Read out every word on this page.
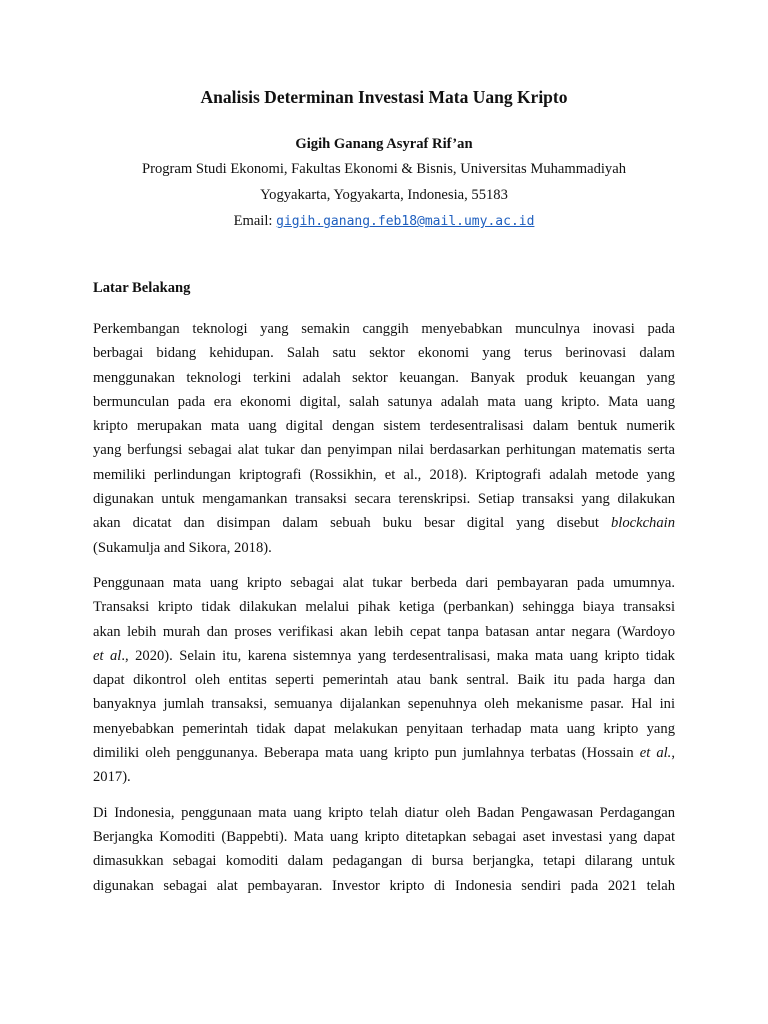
Analisis Determinan Investasi Mata Uang Kripto

Gigih Ganang Asyraf Rif’an

Program Studi Ekonomi, Fakultas Ekonomi & Bisnis, Universitas Muhammadiyah

Yogyakarta, Yogyakarta, Indonesia, 55183

Email: gigih.ganang.feb18@mail.umy.ac.id

Latar Belakang
Perkembangan teknologi yang semakin canggih menyebabkan munculnya inovasi pada
berbagai bidang kehidupan. Salah satu sektor ekonomi yang terus berinovasi dalam
menggunakan teknologi terkini adalah sektor keuangan. Banyak produk keuangan yang
bermunculan pada era ekonomi digital, salah satunya adalah mata uang kripto. Mata uang
kripto merupakan mata uang digital dengan sistem terdesentralisasi dalam bentuk numerik
yang berfungsi sebagai alat tukar dan penyimpan nilai berdasarkan perhitungan matematis serta
memiliki perlindungan kriptografi (Rossikhin, et al., 2018). Kriptografi adalah metode yang
digunakan untuk mengamankan transaksi secara terenskripsi. Setiap transaksi yang dilakukan
akan dicatat dan disimpan dalam sebuah buku besar digital yang disebut blockchain
(Sukamulja and Sikora, 2018).
Penggunaan mata uang kripto sebagai alat tukar berbeda dari pembayaran pada umumnya.
Transaksi kripto tidak dilakukan melalui pihak ketiga (perbankan) sehingga biaya transaksi
akan lebih murah dan proses verifikasi akan lebih cepat tanpa batasan antar negara (Wardoyo
et al., 2020). Selain itu, karena sistemnya yang terdesentralisasi, maka mata uang kripto tidak
dapat dikontrol oleh entitas seperti pemerintah atau bank sentral. Baik itu pada harga dan
banyaknya jumlah transaksi, semuanya dijalankan sepenuhnya oleh mekanisme pasar. Hal ini
menyebabkan pemerintah tidak dapat melakukan penyitaan terhadap mata uang kripto yang
dimiliki oleh penggunanya. Beberapa mata uang kripto pun jumlahnya terbatas (Hossain et al.,
2017).
Di Indonesia, penggunaan mata uang kripto telah diatur oleh Badan Pengawasan Perdagangan
Berjangka Komoditi (Bappebti). Mata uang kripto ditetapkan sebagai aset investasi yang dapat
dimasukkan sebagai komoditi dalam pedagangan di bursa berjangka, tetapi dilarang untuk
digunakan sebagai alat pembayaran. Investor kripto di Indonesia sendiri pada 2021 telah
